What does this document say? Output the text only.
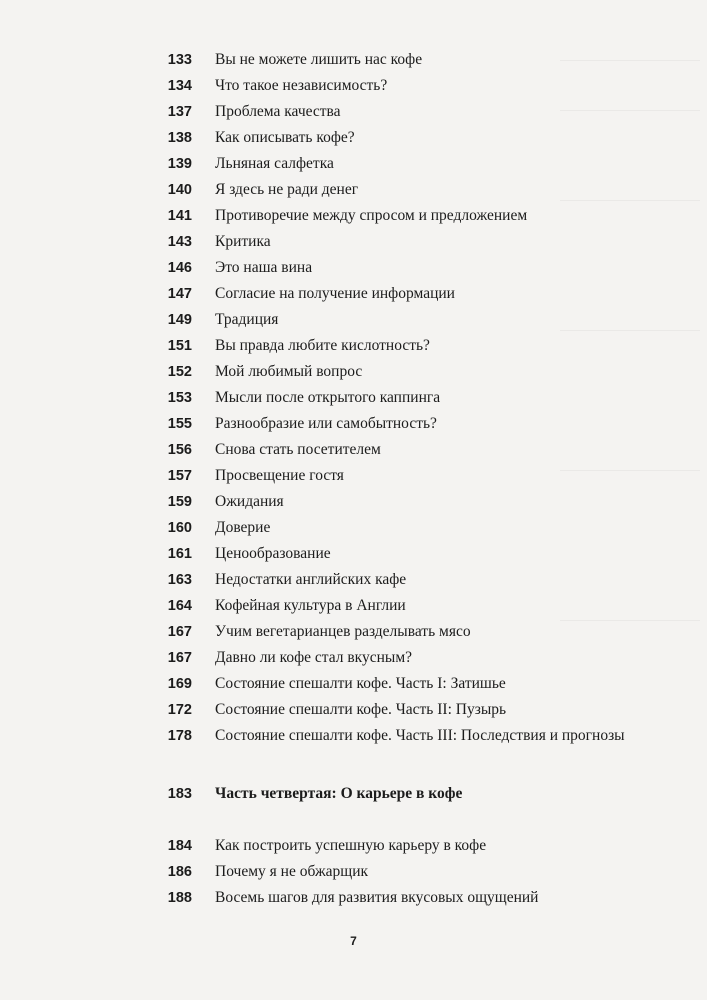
133 Вы не можете лишить нас кофе
134 Что такое независимость?
137 Проблема качества
138 Как описывать кофе?
139 Льняная салфетка
140 Я здесь не ради денег
141 Противоречие между спросом и предложением
143 Критика
146 Это наша вина
147 Согласие на получение информации
149 Традиция
151 Вы правда любите кислотность?
152 Мой любимый вопрос
153 Мысли после открытого каппинга
155 Разнообразие или самобытность?
156 Снова стать посетителем
157 Просвещение гостя
159 Ожидания
160 Доверие
161 Ценообразование
163 Недостатки английских кафе
164 Кофейная культура в Англии
167 Учим вегетарианцев разделывать мясо
167 Давно ли кофе стал вкусным?
169 Состояние спешалти кофе. Часть I: Затишье
172 Состояние спешалти кофе. Часть II: Пузырь
178 Состояние спешалти кофе. Часть III: Последствия и прогнозы
183 Часть четвертая: О карьере в кофе
184 Как построить успешную карьеру в кофе
186 Почему я не обжарщик
188 Восемь шагов для развития вкусовых ощущений
7
